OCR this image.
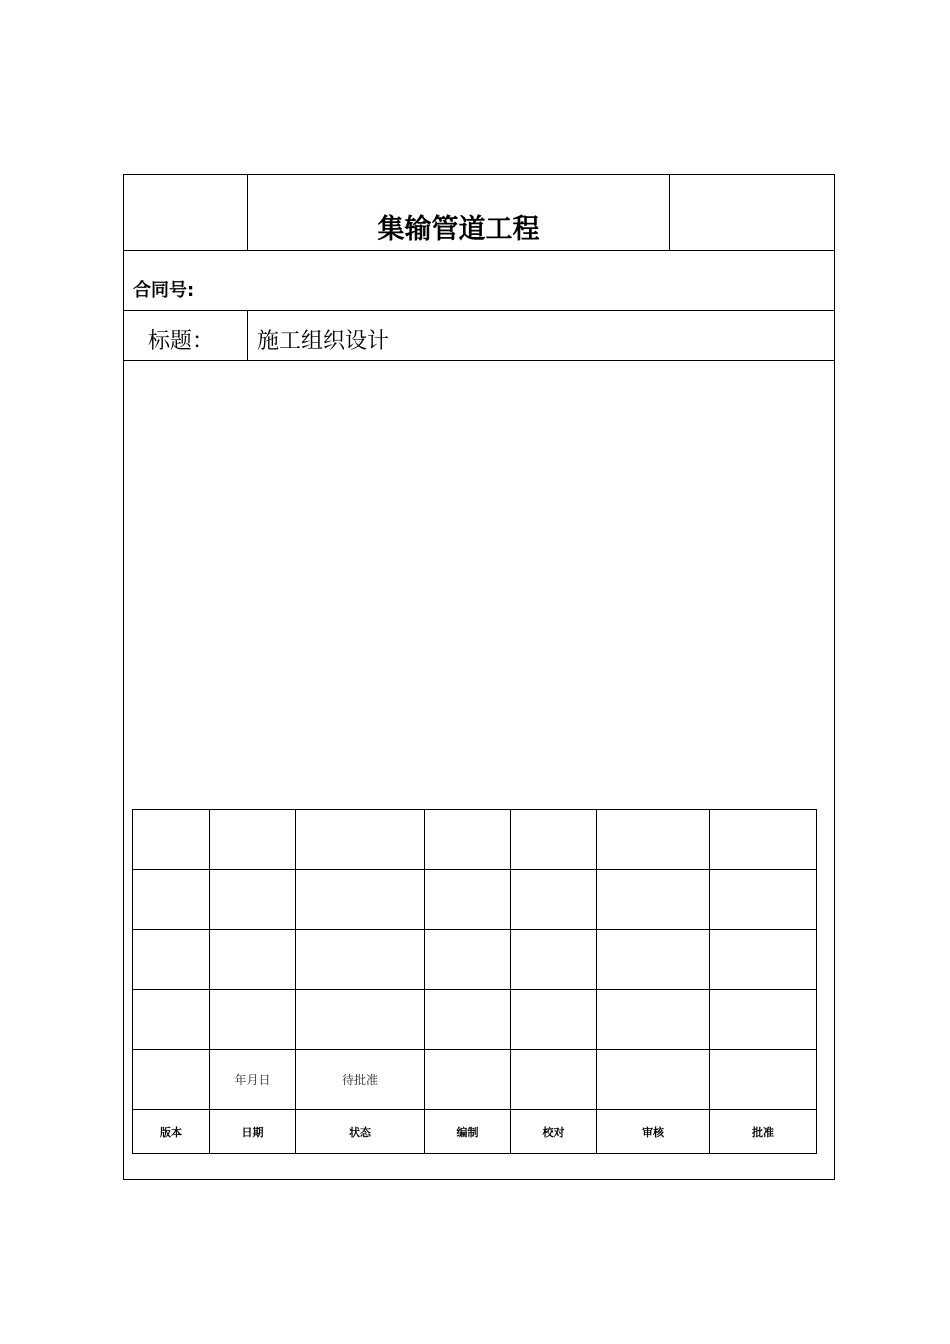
集输管道工程
合同号:
标题： 施工组织设计

	年月日	待批准				
版本	日期	状态	编制	校对	审核	批准
